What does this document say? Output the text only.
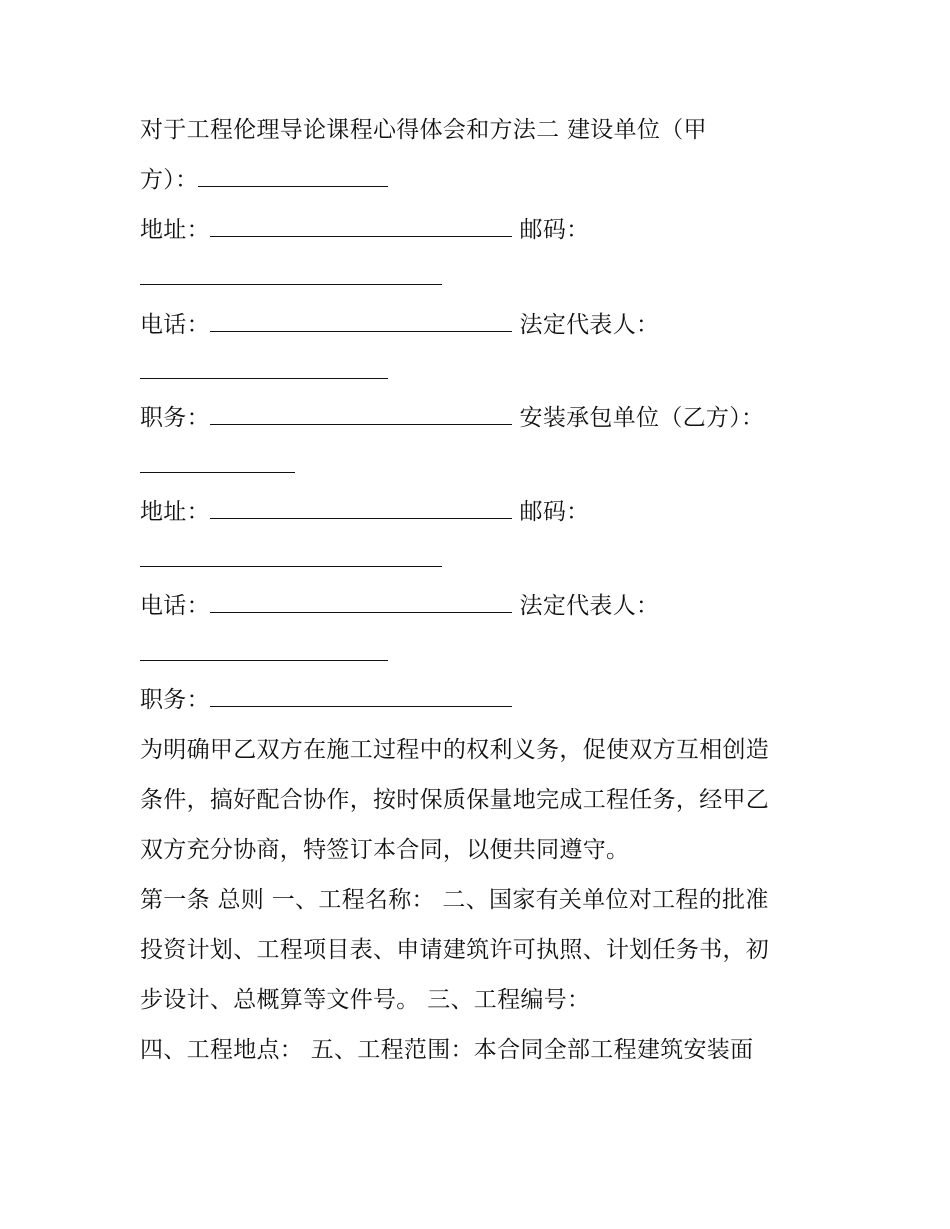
对于工程伦理导论课程心得体会和方法二 建设单位（甲
方）：
地址：	邮码：
电话：	法定代表人：
职务：	安装承包单位（乙方）：
地址：	邮码：
电话：	法定代表人：
职务：
为明确甲乙双方在施工过程中的权利义务，促使双方互相创造
条件，搞好配合协作，按时保质保量地完成工程任务，经甲乙
双方充分协商，特签订本合同，以便共同遵守。
第一条 总则 一、工程名称： 二、国家有关单位对工程的批准
投资计划、工程项目表、申请建筑许可执照、计划任务书，初
步设计、总概算等文件号。 三、工程编号：
四、工程地点： 五、工程范围：本合同全部工程建筑安装面
